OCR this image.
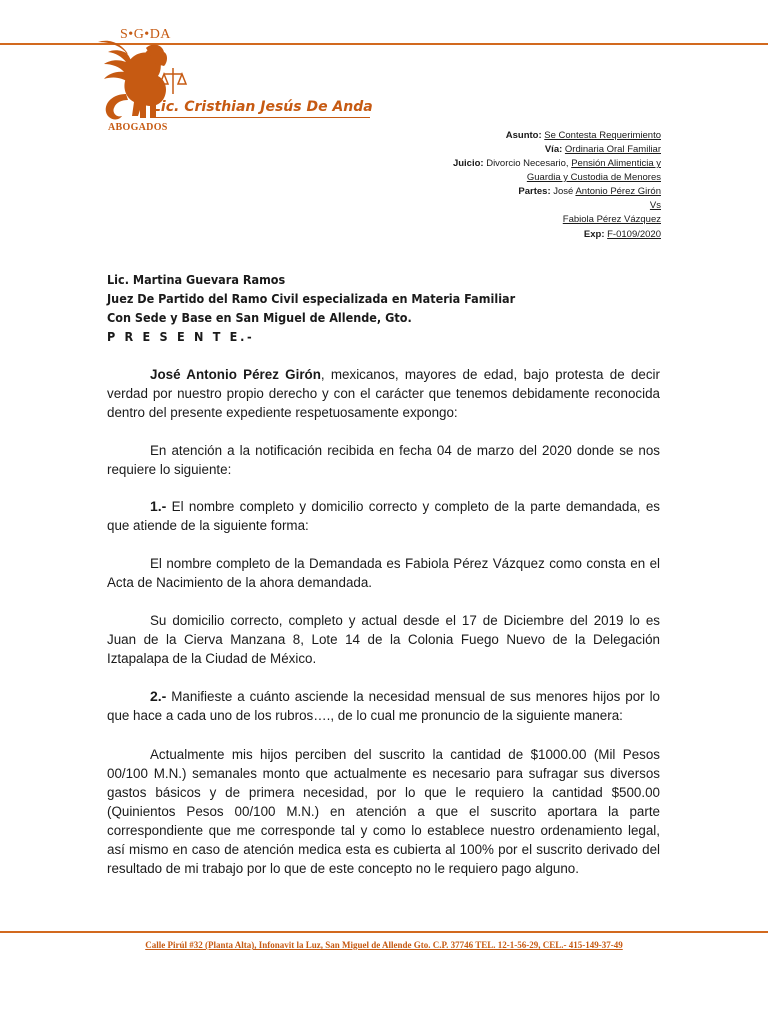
S•G•DA
Lic. Cristhian Jesús De Anda
ABOGADOS
Asunto: Se Contesta Requerimiento
Vía: Ordinaria Oral Familiar
Juicio: Divorcio Necesario, Pensión Alimenticia y
Guardia y Custodia de Menores
Partes: José Antonio Pérez Girón
Vs
Fabiola Pérez Vázquez
Exp: F-0109/2020
Lic. Martina Guevara Ramos
Juez De Partido del Ramo Civil especializada en Materia Familiar
Con Sede y Base en San Miguel de Allende, Gto.
P R E S E N T E.-
José Antonio Pérez Girón, mexicanos, mayores de edad, bajo protesta de decir verdad por nuestro propio derecho y con el carácter que tenemos debidamente reconocida dentro del presente expediente respetuosamente expongo:
En atención a la notificación recibida en fecha 04 de marzo del 2020 donde se nos requiere lo siguiente:
1.- El nombre completo y domicilio correcto y completo de la parte demandada, es que atiende de la siguiente forma:
El nombre completo de la Demandada es Fabiola Pérez Vázquez como consta en el Acta de Nacimiento de la ahora demandada.
Su domicilio correcto, completo y actual desde el 17 de Diciembre del 2019 lo es Juan de la Cierva Manzana 8, Lote 14 de la Colonia Fuego Nuevo de la Delegación Iztapalapa de la Ciudad de México.
2.- Manifieste a cuánto asciende la necesidad mensual de sus menores hijos por lo que hace a cada uno de los rubros…., de lo cual me pronuncio de la siguiente manera:
Actualmente mis hijos perciben del suscrito la cantidad de $1000.00 (Mil Pesos 00/100 M.N.) semanales monto que actualmente es necesario para sufragar sus diversos gastos básicos y de primera necesidad, por lo que le requiero la cantidad $500.00 (Quinientos Pesos 00/100 M.N.) en atención a que el suscrito aportara la parte correspondiente que me corresponde tal y como lo establece nuestro ordenamiento legal, así mismo en caso de atención medica esta es cubierta al 100% por el suscrito derivado del resultado de mi trabajo por lo que de este concepto no le requiero pago alguno.
Calle Pirúl #32 (Planta Alta), Infonavit la Luz, San Miguel de Allende Gto. C.P. 37746 TEL. 12-1-56-29, CEL.- 415-149-37-49
